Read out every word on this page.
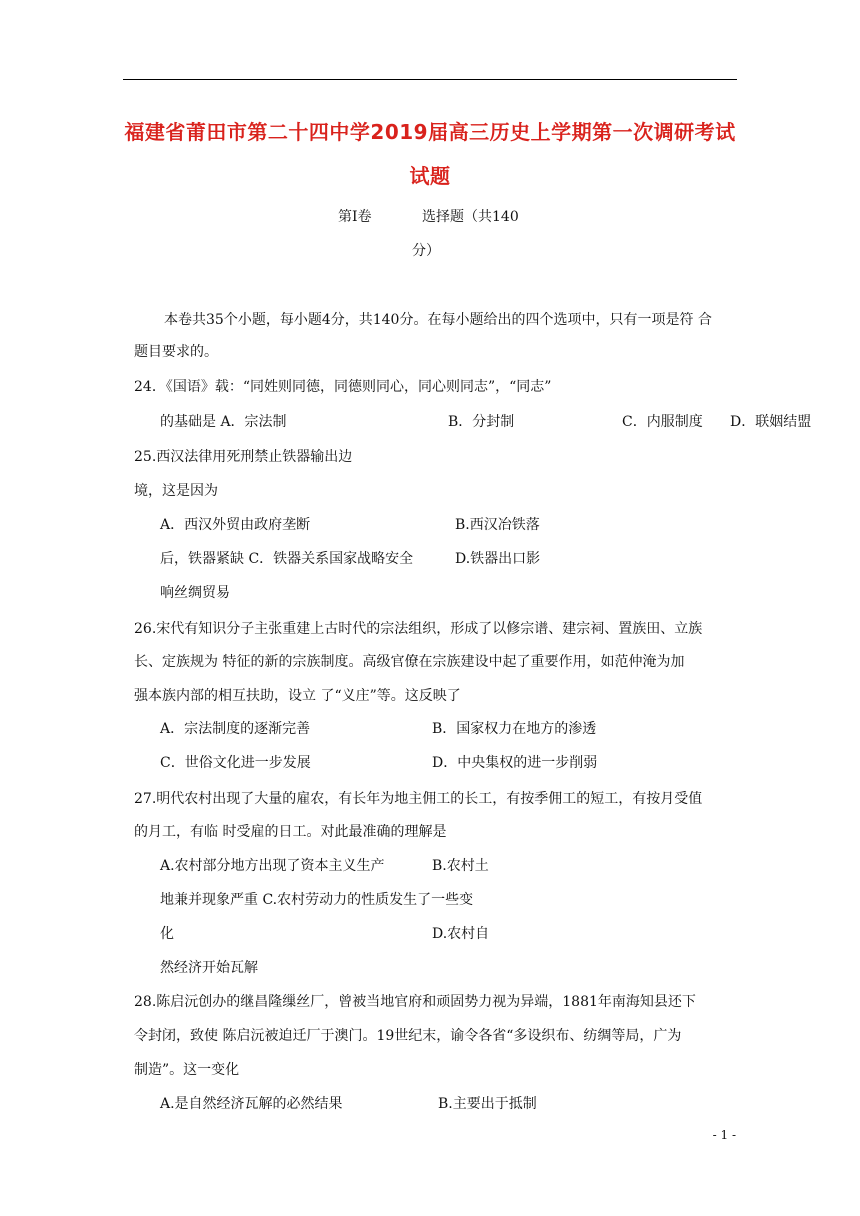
福建省莆田市第二十四中学2019届高三历史上学期第一次调研考试
试题
第Ⅰ卷	选择题（共140
分）
本卷共35个小题，每小题4分，共140分。在每小题给出的四个选项中，只有一项是符 合
题目要求的。
24．《国语》载：“同姓则同德，同德则同心，同心则同志”，“同志”
的基础是 A．宗法制	B．分封制	C．内服制度 D．联姻结盟
25.西汉法律用死刑禁止铁器输出边
境，这是因为
A．西汉外贸由政府垄断	B.西汉冶铁落
后，铁器紧缺 C．铁器关系国家战略安全	D.铁器出口影
响丝绸贸易
26.宋代有知识分子主张重建上古时代的宗法组织，形成了以修宗谱、建宗祠、置族田、立族
长、定族规为 特征的新的宗族制度。高级官僚在宗族建设中起了重要作用，如范仲淹为加
强本族内部的相互扶助，设立 了“义庄”等。这反映了
A．宗法制度的逐渐完善	B．国家权力在地方的渗透
C．世俗文化进一步发展	D．中央集权的进一步削弱
27.明代农村出现了大量的雇农，有长年为地主佣工的长工，有按季佣工的短工，有按月受值
的月工，有临 时受雇的日工。对此最准确的理解是
A.农村部分地方出现了资本主义生产	B.农村土
地兼并现象严重 C.农村劳动力的性质发生了一些变
化	D.农村自
然经济开始瓦解
28.陈启沅创办的继昌隆缫丝厂，曾被当地官府和顽固势力视为异端，1881年南海知县还下
令封闭，致使 陈启沅被迫迁厂于澳门。19世纪末，谕令各省“多设织布、纺绸等局，广为
制造”。这一变化
A.是自然经济瓦解的必然结果	B.主要出于抵制
- 1 -
